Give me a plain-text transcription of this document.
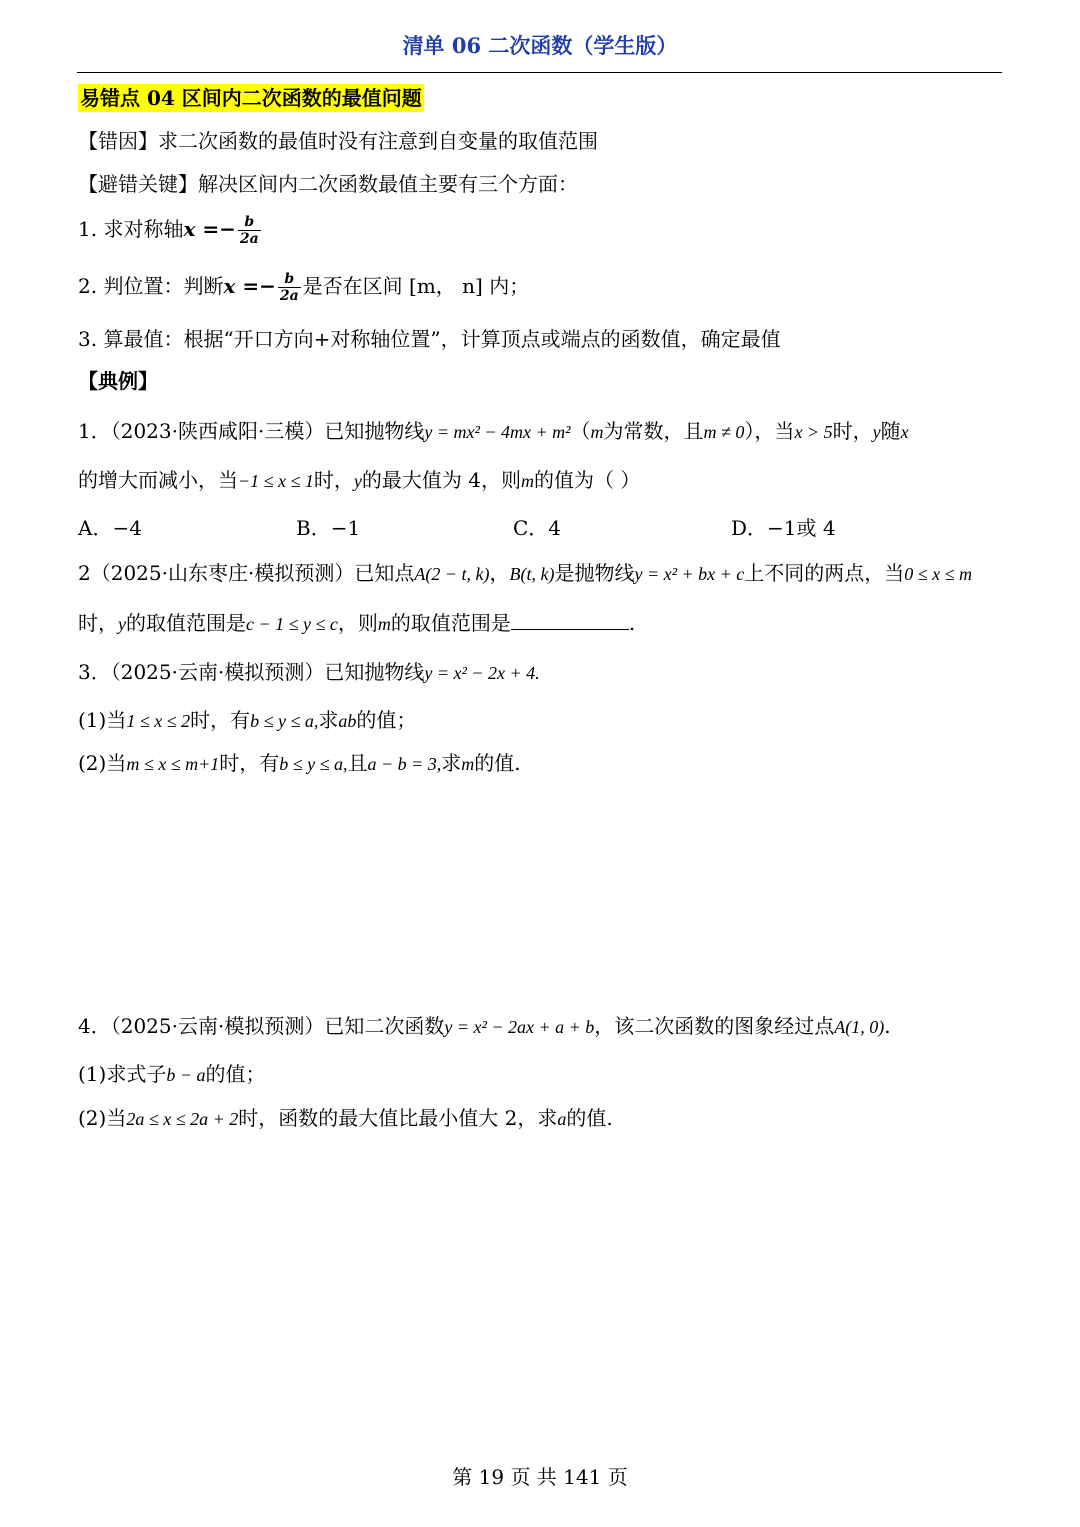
清单 06 二次函数（学生版）
易错点 04 区间内二次函数的最值问题
【错因】求二次函数的最值时没有注意到自变量的取值范围
【避错关键】解决区间内二次函数最值主要有三个方面：
1. 求对称轴$x =- \frac{b}{2a}$
2. 判位置：判断$x =- \frac{b}{2a}$ 是否在区间 [m， n] 内；
3. 算最值：根据“开口方向+对称轴位置”，计算顶点或端点的函数值，确定最值
【典例】
1．（2023·陕西咸阳·三模）已知抛物线y = mx² − 4mx + m²（m为常数，且m ≠ 0），当x > 5时，y随x
的增大而减小，当−1 ≤ x ≤ 1时，y的最大值为 4，则m的值为（ ）
A．−4	B．−1	C．4	D．−1或 4
2（2025·山东枣庄·模拟预测）已知点A(2 − t, k)，B(t, k)是抛物线y = x² + bx + c上不同的两点，当0 ≤ x ≤ m
时，y的取值范围是c − 1 ≤ y ≤ c，则m的取值范围是	.
3．（2025·云南·模拟预测）已知抛物线y = x² − 2x + 4.
(1)当1 ≤ x ≤ 2时，有b ≤ y ≤ a,求ab的值；
(2)当m ≤ x ≤ m+1时，有b ≤ y ≤ a,且a − b = 3,求m的值.
4．（2025·云南·模拟预测）已知二次函数y = x² − 2ax + a + b，该二次函数的图象经过点A(1, 0).
(1)求式子b − a的值；
(2)当2a ≤ x ≤ 2a + 2时，函数的最大值比最小值大 2，求a的值.
第 19 页 共 141 页
